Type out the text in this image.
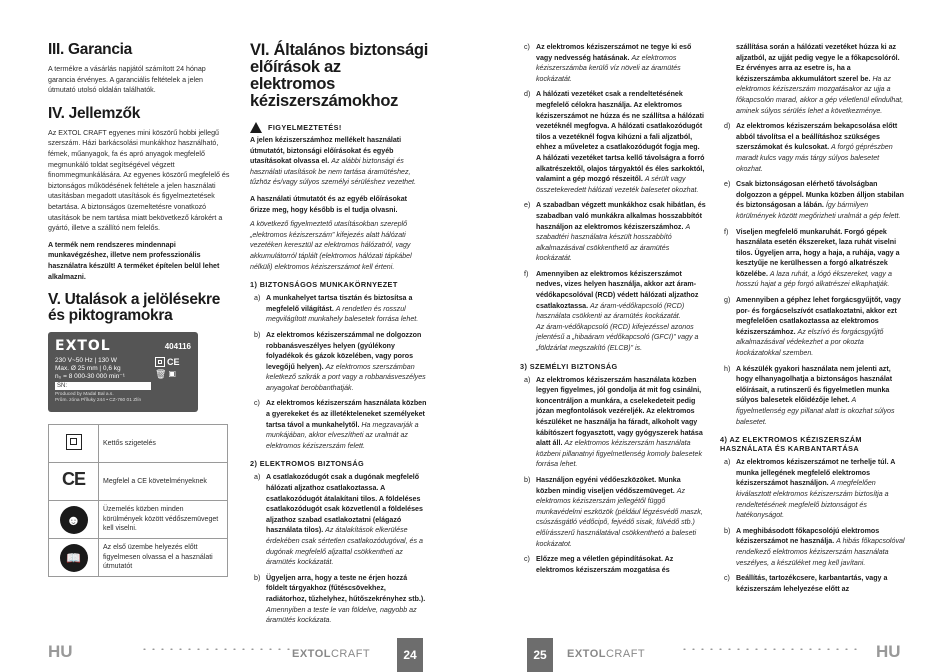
III. Garancia
A termékre a vásárlás napjától számított 24 hónap garancia érvényes. A garanciális feltételek a jelen útmutató utolsó oldalán találhatók.
IV. Jellemzők
Az EXTOL CRAFT egyenes mini köszörű hobbi jellegű szerszám. Házi barkácsolási munkákhoz használható, fémek, műanyagok, fa és apró anyagok megfelelő megmunkáló toldat segítségével végzett finommegmunkálására. Az egyenes köszörű megfelelő és biztonságos működésének feltétele a jelen használati utasításban megadott utasítások és figyelmeztetések betartása. A biztonságos üzemeltetésre vonatkozó utasítások be nem tartása miatt bekövetkező károkért a gyártó, illetve a szállító nem felelős.
A termék nem rendszeres mindennapi munkavégzéshez, illetve nem professzionális használatra készült! A terméket építelen belül lehet alkalmazni.
V. Utalások a jelölésekre és piktogramokra
EXTOL	404116
230 V~50 Hz | 130 W
Max. Ø 25 mm | 0,6 kg
n₀ = 8 000-30 000 min⁻¹
SN:
CE
🗑 ▣
Produced by Madal Bal a.s.
Prům. zóna Příluky 244 • CZ-760 01 Zlín
	Kettős szigetelés
CE	Megfelel a CE követelményeknek
☻	Üzemelés közben minden körülmények között védőszemüveget kell viselni.
📖	Az első üzembe helyezés előtt figyelmesen olvassa el a használati útmutatót
VI. Általános biztonsági előírások az elektromos kéziszerszámokhoz
FIGYELMEZTETÉS!
A jelen kéziszerszámhoz mellékelt használati útmutatót, biztonsági előírásokat és egyéb utasításokat olvassa el. Az alábbi biztonsági és használati utasítások be nem tartása áramütéshez, tűzhöz és/vagy súlyos személyi sérüléshez vezethet.
A használati útmutatót és az egyéb előírásokat őrizze meg, hogy később is el tudja olvasni.
A következő figyelmeztető utasításokban szereplő „elektromos kéziszerszám” kifejezés alatt hálózati vezetéken keresztül az elektromos hálózatról, vagy akkumulátorról táplált (elektromos hálózati tápkábel nélküli) elektromos kéziszerszámot kell érteni.
1) BIZTONSÁGOS MUNKAKÖRNYEZET
a) A munkahelyet tartsa tisztán és biztosítsa a megfelelő világítást. A rendetlen és rosszul megvilágított munkahely balesetek forrása lehet.
b) Az elektromos kéziszerszámmal ne dolgozzon robbanásveszélyes helyen (gyúlékony folyadékok és gázok közelében, vagy poros levegőjű helyen). Az elektromos szerszámban keletkező szikrák a port vagy a robbanásveszélyes anyagokat berobbanthatják.
c) Az elektromos kéziszerszám használata közben a gyerekeket és az illetékteleneket személyeket tartsa távol a munkahelytől. Ha megzavarják a munkájában, akkor elveszítheti az uralmát az elektromos kéziszerszám felett.
2) ELEKTROMOS BIZTONSÁG
a) A csatlakozódugót csak a dugónak megfelelő hálózati aljzathoz csatlakoztassa. A csatlakozódugót átalakítani tilos. A földeléses csatlakozódugót csak közvetlenül a földeléses aljzathoz szabad csatlakoztatni (elágazó használata tilos). Az átalakítások elkerülése érdekében csak sértetlen csatlakozódugóval, és a dugónak megfelelő aljzattal csökkentheti az áramütés kockázatát.
b) Ügyeljen arra, hogy a teste ne érjen hozzá földelt tárgyakhoz (fűtéscsövekhez, radiátorhoz, tűzhelyhez, hűtőszekrényhez stb.). Amennyiben a teste le van földelve, nagyobb az áramütés kockázata.
c) Az elektromos kéziszerszámot ne tegye ki eső vagy nedvesség hatásának. Az elektromos kéziszerszámba kerülő víz növeli az áramütés kockázatát.
d) A hálózati vezetéket csak a rendeltetésének megfelelő célokra használja. Az elektromos kéziszerszámot ne húzza és ne szállítsa a hálózati vezetéknél megfogva. A hálózati csatlakozódugót tilos a vezetéknél fogva kihúzni a fali aljzatból, ehhez a műveletez a csatlakozódugót fogja meg. A hálózati vezetéket tartsa kellő távolságra a forró alkatrészektől, olajos tárgyaktól és éles sarkoktól, valamint a gép mozgó részeitől. A sérült vagy összetekeredett hálózati vezeték balesetet okozhat.
e) A szabadban végzett munkákhoz csak hibátlan, és szabadban való munkákra alkalmas hosszabbítót használjon az elektromos kéziszerszámhoz. A szabadtéri használatra készült hosszabbító alkalmazásával csökkenthető az áramütés kockázatát.
f) Amennyiben az elektromos kéziszerszámot nedves, vizes helyen használja, akkor azt áram-védőkapcsolóval (RCD) védett hálózati aljzathoz csatlakoztassa. Az áram-védőkapcsoló (RCD) használata csökkenti az áramütés kockázatát.
Az áram-védőkapcsoló (RCD) kifejezéssel azonos jelentésű a „hibaáram védőkapcsoló (GFCI)” vagy a „földzárlat megszakító (ELCB)” is.
3) SZEMÉLYI BIZTONSÁG
a) Az elektromos kéziszerszám használata közben legyen figyelmes, jól gondolja át mit fog csinálni, koncentráljon a munkára, a cselekedeteit pedig józan megfontolások vezéreljék. Az elektromos készüléket ne használja ha fáradt, alkoholt vagy kábítószert fogyasztott, vagy gyógyszerek hatása alatt áll. Az elektromos kéziszerszám használata közbeni pillanatnyi figyelmetlenség komoly balesetek forrása lehet.
b) Használjon egyéni védőeszközöket. Munka közben mindig viseljen védőszemüveget. Az elektromos kéziszerszám jellegétől függő munkavédelmi eszközök (például légzésvédő maszk, csúszásgátló védőcipő, fejvédő sisak, fülvédő stb.) előírásszerű használatával csökkenthetó a baleseti kockázatot.
c) Előzze meg a véletlen gépindításokat. Az elektromos kéziszerszám mozgatása és
szállítása során a hálózati vezetéket húzza ki az aljzatból, az ujját pedig vegye le a főkapcsolóról. Ez érvényes arra az esetre is, ha a kéziszerszámba akkumulátort szerel be. Ha az elektromos kéziszerszám mozgatásakor az ujja a főkapcsolón marad, akkor a gép véletlenül elindulhat, aminek súlyos sérülés lehet a következménye.
d) Az elektromos kéziszerszám bekapcsolása előtt abból távolítsa el a beállításhoz szükséges szerszámokat és kulcsokat. A forgó géprészben maradt kulcs vagy más tárgy súlyos balesetet okozhat.
e) Csak biztonságosan elérhető távolságban dolgozzon a géppel. Munka közben álljon stabilan és biztonságosan a lábán. Így bármilyen körülmények között megőrizheti uralmát a gép felett.
f) Viseljen megfelelő munkaruhát. Forgó gépek használata esetén ékszereket, laza ruhát viselni tilos. Ügyeljen arra, hogy a haja, a ruhája, vagy a kesztyűje ne kerülhessen a forgó alkatrészek közelébe. A laza ruhát, a lógó ékszereket, vagy a hosszú hajat a gép forgó alkatrészei elkaphatják.
g) Amennyiben a géphez lehet forgácsgyűjtőt, vagy por- és forgácselszívót csatlakoztatni, akkor ezt megfelelően csatlakoztassa az elektromos kéziszerszámhoz. Az elszívó és forgácsgyűjtő alkalmazásával védekezhet a por okozta kockázatokkal szemben.
h) A készülék gyakori használata nem jelenti azt, hogy elhanyagolhatja a biztonságos használat előírásait, a rutinszerű és figyelmetlen munka súlyos balesetek előidézője lehet. A figyelmetlenség egy pillanat alatt is okozhat súlyos balesetet.
4) AZ ELEKTROMOS KÉZISZERSZÁM HASZNÁLATA ÉS KARBANTARTÁSA
a) Az elektromos kéziszerszámot ne terhelje túl. A munka jellegének megfelelő elektromos kéziszerszámot használjon. A megfelelően kiválasztott elektromos kéziszerszám biztosítja a rendeltetésének megfelelő biztonságot és hatékonyságot.
b) A meghibásodott főkapcsolójú elektromos kéziszerszámot ne használja. A hibás főkapcsolóval rendelkező elektromos kéziszerszám használata veszélyes, a készüléket meg kell javítani.
c) Beállítás, tartozékcsere, karbantartás, vagy a kéziszerszám lehelyezése előtt az
HU	EXTOLCRAFT	24	25	EXTOLCRAFT	HU
